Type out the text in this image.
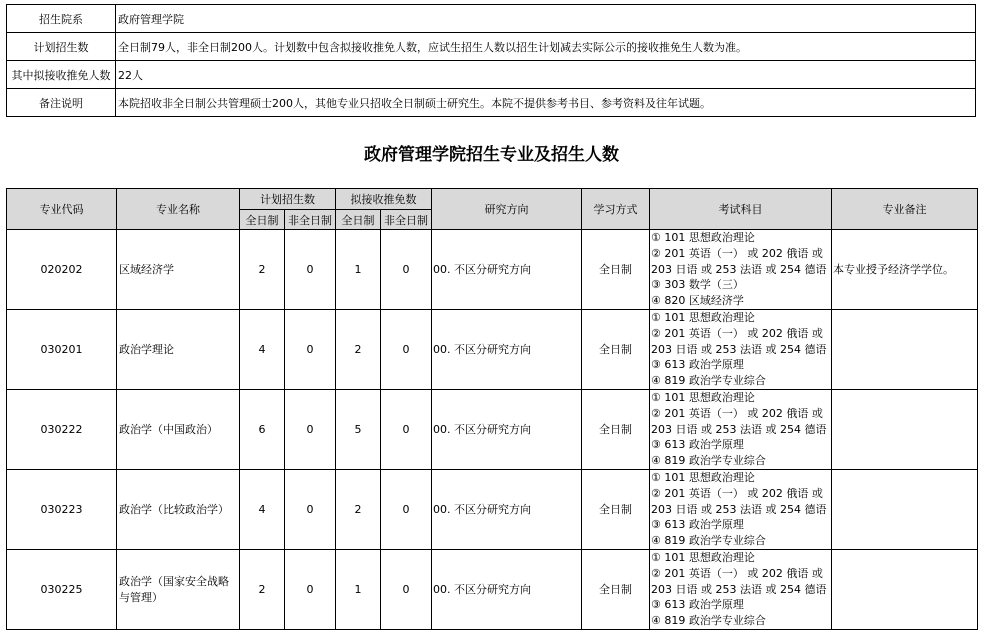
招生院系	政府管理学院
计划招生数	全日制79人，非全日制200人。计划数中包含拟接收推免人数，应试生招生人数以招生计划减去实际公示的接收推免生人数为准。
其中拟接收推免人数	22人
备注说明	本院招收非全日制公共管理硕士200人，其他专业只招收全日制硕士研究生。本院不提供参考书目、参考资料及往年试题。
政府管理学院招生专业及招生人数
专业代码	专业名称	计划招生数		拟接收推免数		研究方向	学习方式	考试科目	专业备注
		全日制	非全日制	全日制	非全日制				
020202	区域经济学	2	0	1	0	00. 不区分研究方向	全日制	① 101 思想政治理论
② 201 英语（一） 或 202 俄语 或
203 日语 或 253 法语 或 254 德语
③ 303 数学（三）
④ 820 区域经济学	本专业授予经济学学位。
030201	政治学理论	4	0	2	0	00. 不区分研究方向	全日制	① 101 思想政治理论
② 201 英语（一） 或 202 俄语 或
203 日语 或 253 法语 或 254 德语
③ 613 政治学原理
④ 819 政治学专业综合	

030222	政治学（中国政治）	6	0	5	0	00. 不区分研究方向	全日制	① 101 思想政治理论
② 201 英语（一） 或 202 俄语 或
203 日语 或 253 法语 或 254 德语
③ 613 政治学原理
④ 819 政治学专业综合	

030223	政治学（比较政治学）	4	0	2	0	00. 不区分研究方向	全日制	① 101 思想政治理论
② 201 英语（一） 或 202 俄语 或
203 日语 或 253 法语 或 254 德语
③ 613 政治学原理
④ 819 政治学专业综合	

030225	政治学（国家安全战略与管理）	2	0	1	0	00. 不区分研究方向	全日制	① 101 思想政治理论
② 201 英语（一） 或 202 俄语 或
203 日语 或 253 法语 或 254 德语
③ 613 政治学原理
④ 819 政治学专业综合	
